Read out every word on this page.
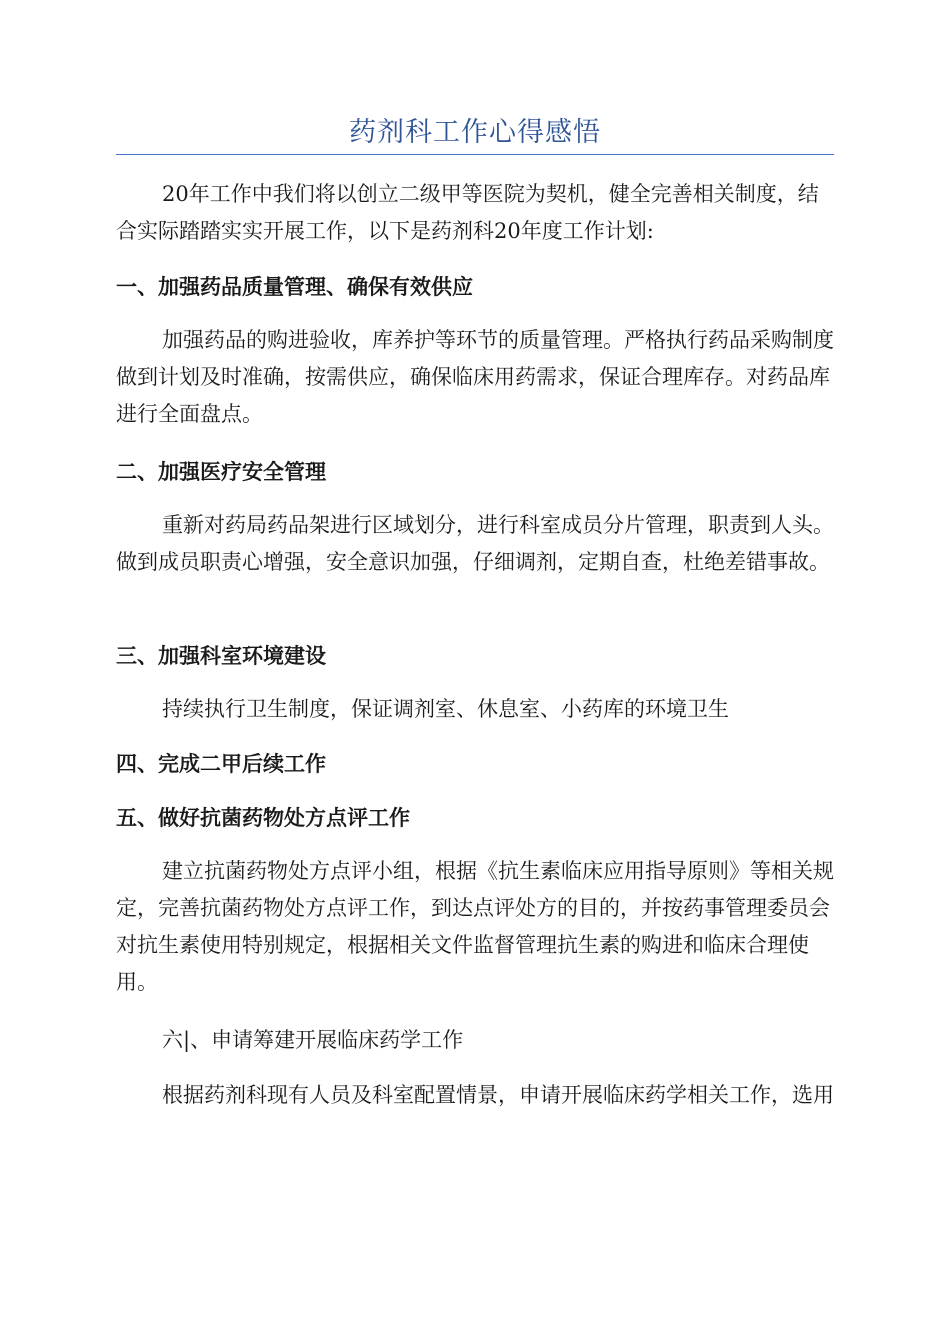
药剂科工作心得感悟

20年工作中我们将以创立二级甲等医院为契机，健全完善相关制度，结合实际踏踏实实开展工作，以下是药剂科20年度工作计划:

一、加强药品质量管理、确保有效供应

加强药品的购进验收，库养护等环节的质量管理。严格执行药品采购制度做到计划及时准确，按需供应，确保临床用药需求，保证合理库存。对药品库进行全面盘点。

二、加强医疗安全管理

重新对药局药品架进行区域划分，进行科室成员分片管理，职责到人头。做到成员职责心增强，安全意识加强，仔细调剂，定期自查，杜绝差错事故。

三、加强科室环境建设

持续执行卫生制度，保证调剂室、休息室、小药库的环境卫生

四、完成二甲后续工作

五、做好抗菌药物处方点评工作

建立抗菌药物处方点评小组，根据《抗生素临床应用指导原则》等相关规定，完善抗菌药物处方点评工作，到达点评处方的目的，并按药事管理委员会对抗生素使用特别规定，根据相关文件监督管理抗生素的购进和临床合理使用。

六|、申请筹建开展临床药学工作

根据药剂科现有人员及科室配置情景，申请开展临床药学相关工作，选用
